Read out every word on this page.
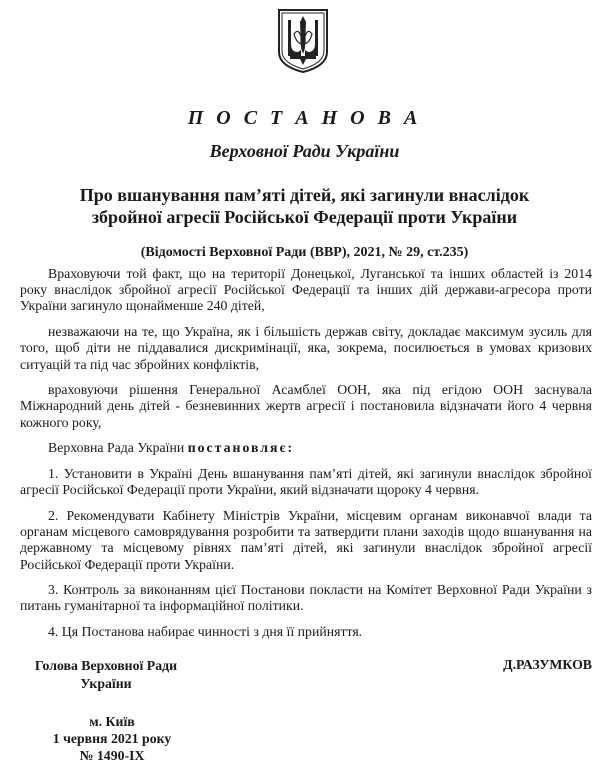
П О С Т А Н О В А
Верховної Ради України
Про вшанування пам’яті дітей, які загинули внаслідок
збройної агресії Російської Федерації проти України
(Відомості Верховної Ради (ВВР), 2021, № 29, ст.235)

Враховуючи той факт, що на території Донецької, Луганської та інших областей із 2014 року внаслідок збройної агресії Російської Федерації та інших дій держави-агресора проти України загинуло щонайменше 240 дітей,

незважаючи на те, що Україна, як і більшість держав світу, докладає максимум зусиль для того, щоб діти не піддавалися дискримінації, яка, зокрема, посилюється в умовах кризових ситуацій та під час збройних конфліктів,

враховуючи рішення Генеральної Асамблеї ООН, яка під егідою ООН заснувала Міжнародний день дітей - безневинних жертв агресії і постановила відзначати його 4 червня кожного року,

Верховна Рада України постановляє:

1. Установити в Україні День вшанування пам’яті дітей, які загинули внаслідок збройної агресії Російської Федерації проти України, який відзначати щороку 4 червня.

2. Рекомендувати Кабінету Міністрів України, місцевим органам виконавчої влади та органам місцевого самоврядування розробити та затвердити плани заходів щодо вшанування на державному та місцевому рівнях пам’яті дітей, які загинули внаслідок збройної агресії Російської Федерації проти України.

3. Контроль за виконанням цієї Постанови покласти на Комітет Верховної Ради України з питань гуманітарної та інформаційної політики.

4. Ця Постанова набирає чинності з дня її прийняття.

Голова Верховної Ради
України
Д.РАЗУМКОВ
м. Київ
1 червня 2021 року
№ 1490-IX
